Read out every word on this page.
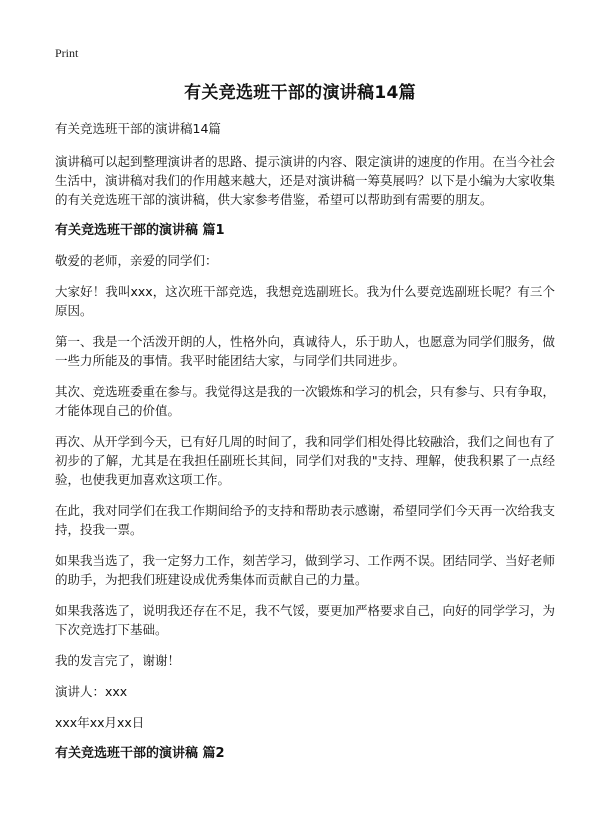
Print
有关竞选班干部的演讲稿14篇
有关竞选班干部的演讲稿14篇

演讲稿可以起到整理演讲者的思路、提示演讲的内容、限定演讲的速度的作用。在当今社会生活中，演讲稿对我们的作用越来越大，还是对演讲稿一筹莫展吗？以下是小编为大家收集的有关竞选班干部的演讲稿，供大家参考借鉴，希望可以帮助到有需要的朋友。

有关竞选班干部的演讲稿 篇1

敬爱的老师，亲爱的同学们：

大家好！我叫xxx，这次班干部竞选，我想竞选副班长。我为什么要竞选副班长呢？有三个原因。

第一、我是一个活泼开朗的人，性格外向，真诚待人，乐于助人，也愿意为同学们服务，做一些力所能及的事情。我平时能团结大家，与同学们共同进步。

其次、竞选班委重在参与。我觉得这是我的一次锻炼和学习的机会，只有参与、只有争取，才能体现自己的价值。

再次、从开学到今天，已有好几周的时间了，我和同学们相处得比较融洽，我们之间也有了初步的了解，尤其是在我担任副班长其间，同学们对我的"支持、理解，使我积累了一点经验，也使我更加喜欢这项工作。

在此，我对同学们在我工作期间给予的支持和帮助表示感谢，希望同学们今天再一次给我支持，投我一票。

如果我当选了，我一定努力工作，刻苦学习，做到学习、工作两不误。团结同学、当好老师的助手，为把我们班建设成优秀集体而贡献自己的力量。

如果我落选了，说明我还存在不足，我不气馁，要更加严格要求自己，向好的同学学习，为下次竞选打下基础。

我的发言完了，谢谢！

演讲人：xxx

xxx年xx月xx日

有关竞选班干部的演讲稿 篇2
